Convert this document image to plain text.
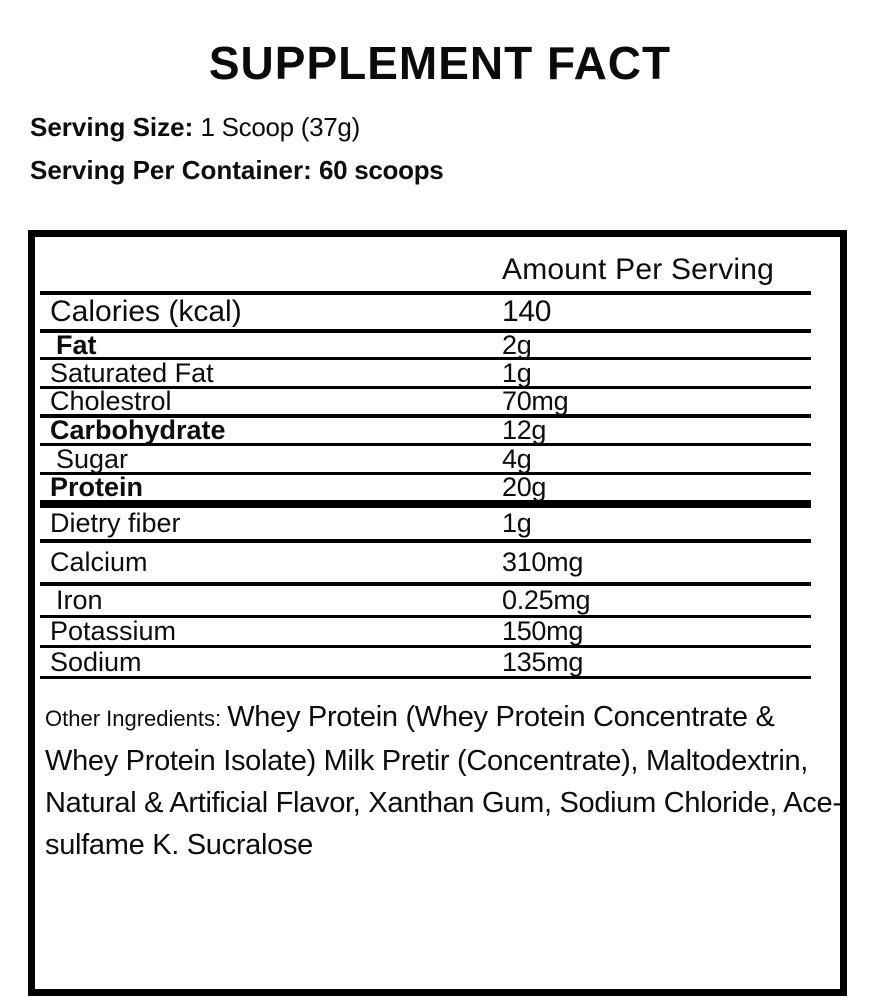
SUPPLEMENT FACT
Serving Size: 1 Scoop (37g)
Serving Per Container: 60 scoops
Amount Per Serving
Calories (kcal)	140
Fat	2g
Saturated Fat	1g
Cholestrol	70mg
Carbohydrate	12g
Sugar	4g
Protein	20g
Dietry fiber	1g
Calcium	310mg
Iron	0.25mg
Potassium	150mg
Sodium	135mg

Other Ingredients: Whey Protein (Whey Protein Concentrate &
Whey Protein Isolate) Milk Pretir (Concentrate), Maltodextrin,
Natural & Artificial Flavor, Xanthan Gum, Sodium Chloride, Ace-
sulfame K. Sucralose
